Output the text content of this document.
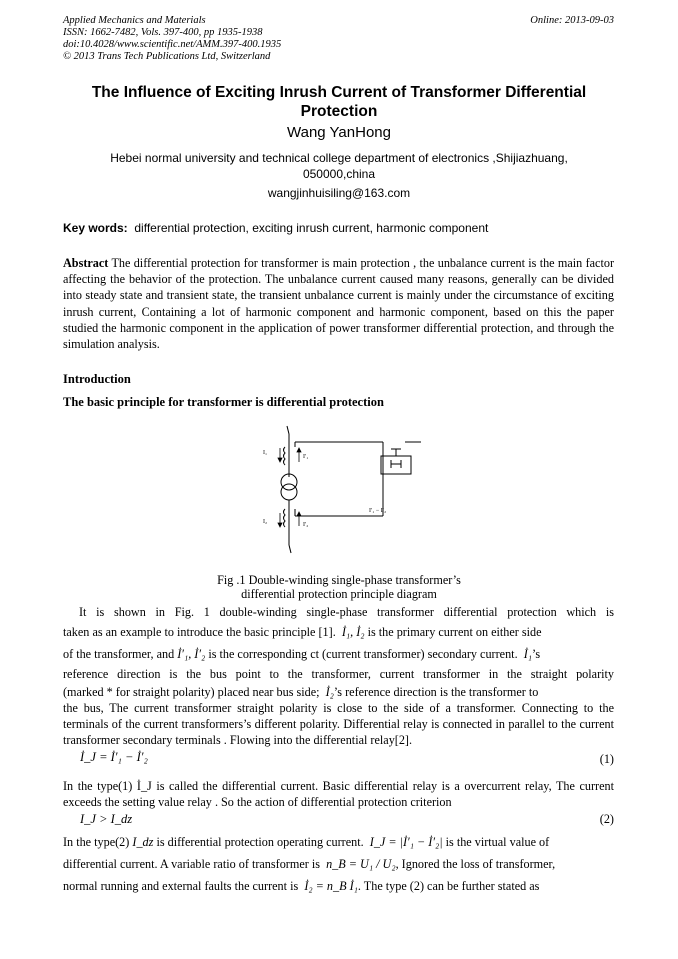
Applied Mechanics and Materials
ISSN: 1662-7482, Vols. 397-400, pp 1935-1938
doi:10.4028/www.scientific.net/AMM.397-400.1935
© 2013 Trans Tech Publications Ltd, Switzerland
Online: 2013-09-03
The Influence of Exciting Inrush Current of Transformer Differential
Protection
Wang YanHong
Hebei normal university and technical college department of electronics ,Shijiazhuang,
050000,china
wangjinhuisiling@163.com
Key words: differential protection, exciting inrush current, harmonic component
Abstract The differential protection for transformer is main protection , the unbalance current is the main factor affecting the behavior of the protection. The unbalance current caused many reasons, generally can be divided into steady state and transient state, the transient unbalance current is mainly under the circumstance of exciting inrush current, Containing a lot of harmonic component and harmonic component, based on this the paper studied the harmonic component in the application of power transformer differential protection, and through the simulation analysis.
Introduction
The basic principle for transformer is differential protection
I₁
I′₁
I₂	I′₂
I′₁ − I′₂
Fig .1 Double-winding single-phase transformer’s
differential protection principle diagram
It is shown in Fig. 1 double-winding single-phase transformer differential protection which is
taken as an example to introduce the basic principle [1]. İ₁, İ₂ is the primary current on either side
of the transformer, and İ′₁, İ′₂ is the corresponding ct (current transformer) secondary current. İ₁’s
reference direction is the bus point to the transformer, current transformer in the straight polarity
(marked * for straight polarity) placed near bus side; İ₂’s reference direction is the transformer to
the bus, The current transformer straight polarity is close to the side of a transformer. Connecting to the terminals of the current transformers’s different polarity. Differential relay is connected in parallel to the current transformer secondary terminals . Flowing into the differential relay[2].
İ_J = İ′₁ − İ′₂	(1)
In the type(1) İ_J is called the differential current. Basic differential relay is a overcurrent relay, The current exceeds the setting value relay . So the action of differential protection criterion
I_J > I_dz	(2)
In the type(2) I_dz is differential protection operating current. I_J = |İ′₁ − İ′₂| is the virtual value of
differential current. A variable ratio of transformer is n_B = U₁ / U₂, Ignored the loss of transformer,
normal running and external faults the current is İ₂ = n_B İ₁. The type (2) can be further stated as
